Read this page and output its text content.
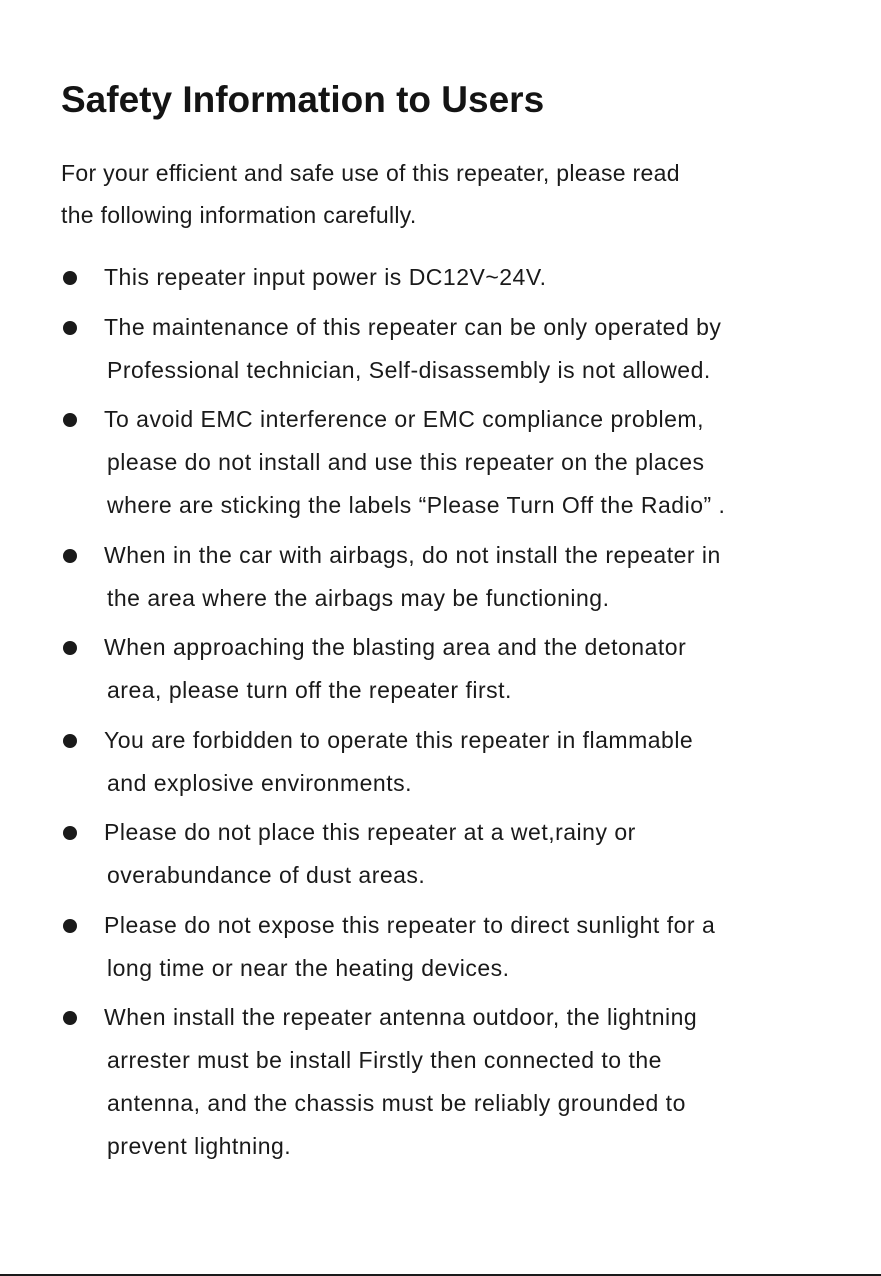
Safety Information to Users

For your efficient and safe use of this repeater, please read
the following information carefully.

This repeater input power is DC12V~24V.
The maintenance of this repeater can be only operated by
Professional technician, Self-disassembly is not allowed.
To avoid EMC interference or EMC compliance problem,
please do not install and use this repeater on the places
where are sticking the labels “Please Turn Off the Radio” .
When in the car with airbags, do not install the repeater in
the area where the airbags may be functioning.
When approaching the blasting area and the detonator
area, please turn off the repeater first.
You are forbidden to operate this repeater in flammable
and explosive environments.
Please do not place this repeater at a wet,rainy or
overabundance of dust areas.
Please do not expose this repeater to direct sunlight for a
long time or near the heating devices.
When install the repeater antenna outdoor, the lightning
arrester must be install Firstly then connected to the
antenna, and the chassis must be reliably grounded to
prevent lightning.
